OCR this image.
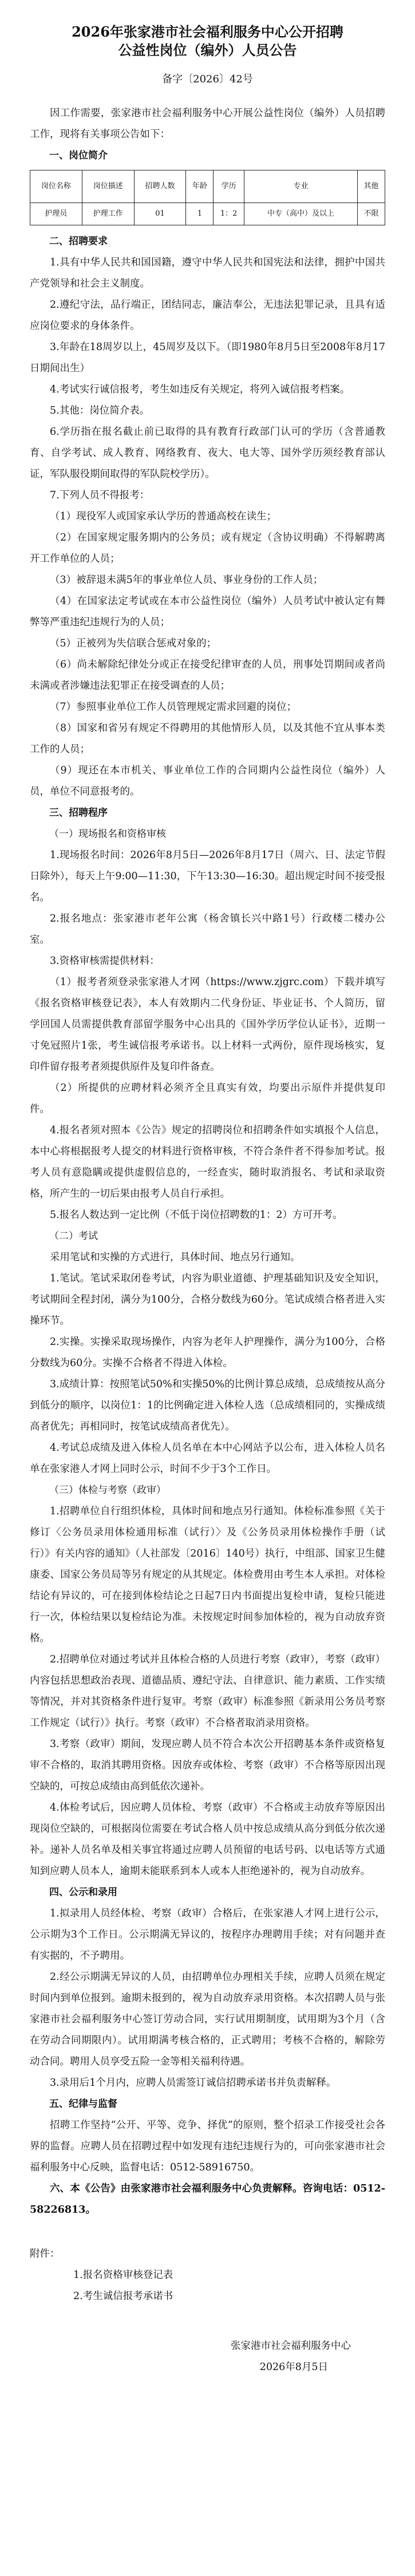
2026年张家港市社会福利服务中心公开招聘
公益性岗位（编外）人员公告
备字〔2026〕42号

因工作需要，张家港市社会福利服务中心开展公益性岗位（编外）人员招聘工作，现将有关事项公告如下：

一、岗位简介
岗位名称	岗位描述	招聘人数	年龄	学历	专业	其他
护理员	护理工作	01	1	1：2	中专（高中）及以上	不限
二、招聘要求

1.具有中华人民共和国国籍，遵守中华人民共和国宪法和法律，拥护中国共产党领导和社会主义制度。

2.遵纪守法，品行端正，团结同志，廉洁奉公，无违法犯罪记录，且具有适应岗位要求的身体条件。

3.年龄在18周岁以上，45周岁及以下。（即1980年8月5日至2008年8月17日期间出生）

4.考试实行诚信报考，考生如违反有关规定，将列入诚信报考档案。

5.其他：岗位简介表。

6.学历指在报名截止前已取得的具有教育行政部门认可的学历（含普通教育、自学考试、成人教育、网络教育、夜大、电大等、国外学历须经教育部认证，军队服役期间取得的军队院校学历）。

7.下列人员不得报考：

（1）现役军人或国家承认学历的普通高校在读生；

（2）在国家规定服务期内的公务员；或有规定（含协议明确）不得解聘离开工作单位的人员；

（3）被辞退未满5年的事业单位人员、事业身份的工作人员；

（4）在国家法定考试或在本市公益性岗位（编外）人员考试中被认定有舞弊等严重违纪违规行为的人员；

（5）正被列为失信联合惩戒对象的；

（6）尚未解除纪律处分或正在接受纪律审查的人员，刑事处罚期间或者尚未满或者涉嫌违法犯罪正在接受调查的人员；

（7）参照事业单位工作人员管理规定需求回避的岗位；

（8）国家和省另有规定不得聘用的其他情形人员，以及其他不宜从事本类工作的人员；

（9）现还在本市机关、事业单位工作的合同期内公益性岗位（编外）人员，单位不同意报考的。

三、招聘程序
（一）现场报名和资格审核

1.现场报名时间：2026年8月5日—2026年8月17日（周六、日、法定节假日除外），每天上午9:00—11:30，下午13:30—16:30。超出规定时间不接受报名。

2.报名地点：张家港市老年公寓（杨舍镇长兴中路1号）行政楼二楼办公室。

3.资格审核需提供材料：

（1）报考者须登录张家港人才网（https://www.zjgrc.com）下载并填写《报名资格审核登记表》，本人有效期内二代身份证、毕业证书、个人简历，留学回国人员需提供教育部留学服务中心出具的《国外学历学位认证书》，近期一寸免冠照片1张，考生诚信报考承诺书。以上材料一式两份，原件现场核实，复印件留存报考者须提供原件及复印件备查。

（2）所提供的应聘材料必须齐全且真实有效，均要出示原件并提供复印件。

4.报名者须对照本《公告》规定的招聘岗位和招聘条件如实填报个人信息，本中心将根据报考人提交的材料进行资格审核，不符合条件者不得参加考试。报考人员有意隐瞒或提供虚假信息的，一经查实，随时取消报名、考试和录取资格，所产生的一切后果由报考人员自行承担。

5.报名人数达到一定比例（不低于岗位招聘数的1：2）方可开考。

（二）考试

采用笔试和实操的方式进行，具体时间、地点另行通知。

1.笔试。笔试采取闭卷考试，内容为职业道德、护理基础知识及安全知识，考试期间全程封闭，满分为100分，合格分数线为60分。笔试成绩合格者进入实操环节。

2.实操。实操采取现场操作，内容为老年人护理操作，满分为100分，合格分数线为60分。实操不合格者不得进入体检。

3.成绩计算：按照笔试50%和实操50%的比例计算总成绩，总成绩按从高分到低分的顺序，以岗位1：1的比例确定进入体检人选（总成绩相同的，实操成绩高者优先；再相同时，按笔试成绩高者优先）。

4.考试总成绩及进入体检人员名单在本中心网站予以公布，进入体检人员名单在张家港人才网上同时公示，时间不少于3个工作日。

（三）体检与考察（政审）

1.招聘单位自行组织体检，具体时间和地点另行通知。体检标准参照《关于修订〈公务员录用体检通用标准（试行）〉及《公务员录用体检操作手册（试行）》有关内容的通知》（人社部发〔2016〕140号）执行，中组部、国家卫生健康委、国家公务员局等另有规定的从其规定。体检费用由考生本人承担。对体检结论有异议的，可在接到体检结论之日起7日内书面提出复检申请，复检只能进行一次，体检结果以复检结论为准。未按规定时间参加体检的，视为自动放弃资格。

2.招聘单位对通过考试并且体检合格的人员进行考察（政审），考察（政审）内容包括思想政治表现、道德品质、遵纪守法、自律意识、能力素质、工作实绩等情况，并对其资格条件进行复审。考察（政审）标准参照《新录用公务员考察工作规定（试行）》执行。考察（政审）不合格者取消录用资格。

3.考察（政审）期间，发现应聘人员不符合本次公开招聘基本条件或资格复审不合格的，取消其聘用资格。因放弃或体检、考察（政审）不合格等原因出现空缺的，可按总成绩由高到低依次递补。

4.体检考试后，因应聘人员体检、考察（政审）不合格或主动放弃等原因出现岗位空缺的，可根据岗位需要在考试合格人员中按总成绩从高分到低分依次递补。递补人员名单及相关事宜将通过应聘人员预留的电话号码、以电话等方式通知到应聘人员本人，逾期未能联系到本人或本人拒绝递补的，视为自动放弃。

四、公示和录用

1.拟录用人员经体检、考察（政审）合格后，在张家港人才网上进行公示，公示期为3个工作日。公示期满无异议的，按程序办理聘用手续；对有问题并查有实据的，不予聘用。

2.经公示期满无异议的人员，由招聘单位办理相关手续，应聘人员须在规定时间内到单位报到。逾期未报到的，视为自动放弃录用资格。本次招聘人员与张家港市社会福利服务中心签订劳动合同，实行试用期制度，试用期为3个月（含在劳动合同期限内）。试用期满考核合格的，正式聘用；考核不合格的，解除劳动合同。聘用人员享受五险一金等相关福利待遇。

3.录用后1个月内，应聘人员需签订诚信招聘承诺书并负责解释。

五、纪律与监督

招聘工作坚持“公开、平等、竞争、择优”的原则，整个招录工作接受社会各界的监督。应聘人员在招聘过程中如发现有违纪违规行为的，可向张家港市社会福利服务中心反映，监督电话：0512-58916750。

六、本《公告》由张家港市社会福利服务中心负责解释。咨询电话：0512-58226813。

附件：
1.报名资格审核登记表
2.考生诚信报考承诺书
张家港市社会福利服务中心
2026年8月5日
